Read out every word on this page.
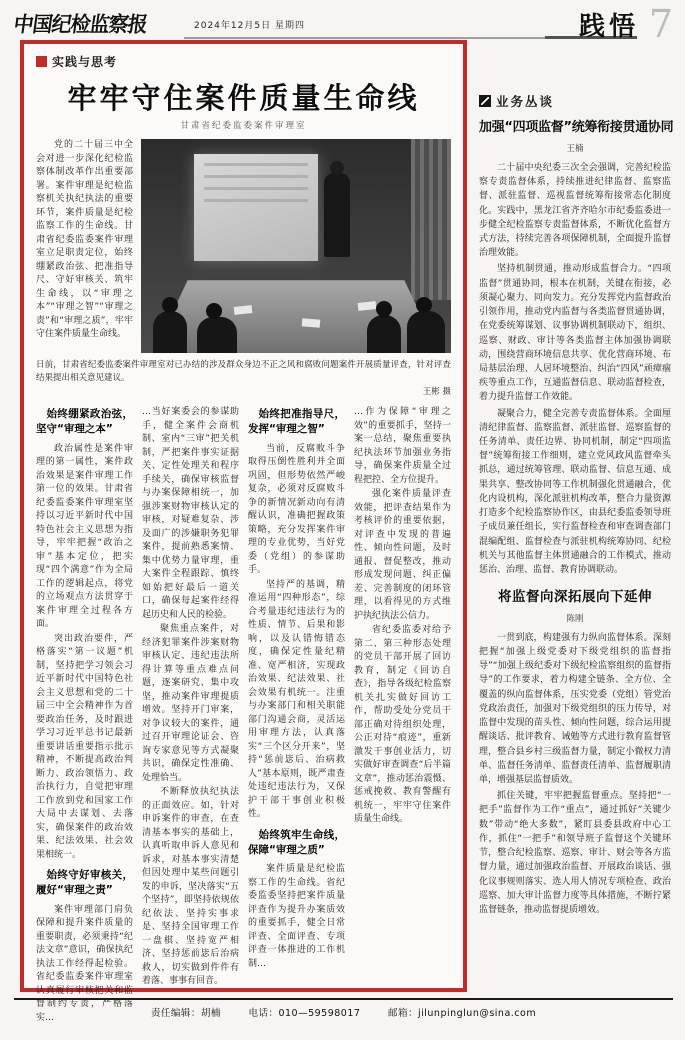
中国纪检监察报	2024年12月5日 星期四	践悟 7
实践与思考
牢牢守住案件质量生命线
甘肃省纪委监委案件审理室

党的二十届三中全会对进一步深化纪检监察体制改革作出重要部署。案件审理是纪检监察机关执纪执法的重要环节，案件质量是纪检监察工作的生命线。甘肃省纪委监委案件审理室立足职责定位，始终绷紧政治弦、把准指导尺、守好审核关、筑牢生命线，以“审理之本”“审理之智”“审理之责”和“审理之质”，牢牢守住案件质量生命线。

日前，甘肃省纪委监委案件审理室对已办结的涉及群众身边不正之风和腐败问题案件开展质量评查，针对评查结果提出相关意见建议。
王彬 摄
始终绷紧政治弦，坚守“审理之本”

政治属性是案件审理的第一属性，案件政治效果是案件审理工作第一位的效果。甘肃省纪委监委案件审理室坚持以习近平新时代中国特色社会主义思想为指导，牢牢把握“政治之审”基本定位，把实现“四个满意”作为全局工作的逻辑起点，将党的立场观点方法贯穿于案件审理全过程各方面。

突出政治要件，严格落实“第一议题”机制，坚持把学习领会习近平新时代中国特色社会主义思想和党的二十届三中全会精神作为首要政治任务，及时跟进学习习近平总书记最新重要讲话重要指示批示精神，不断提高政治判断力、政治领悟力、政治执行力，自觉把审理工作放到党和国家工作大局中去谋划、去落实，确保案件的政治效果、纪法效果、社会效果相统一。

始终守好审核关，履好“审理之责”

案件审理部门肩负保障和提升案件质量的重要职责，必须秉持“纪法文章”意识，确保执纪执法工作经得起检验。省纪委监委案件审理室认真履行审核把关和监督制约专责，严格落实…

…当好案委会的参谋助手，健全案件会商机制、室内“三审”把关机制，严把案件事实证据关、定性处理关和程序手续关，确保审核监督与办案保障相统一，加强涉案财物审核认定的审核，对疑难复杂、涉及面广的涉嫌职务犯罪案件，提前熟悉案情、集中优势力量审理，重大案件全程跟踪、慎终如始把好最后一道关口，确保每起案件经得起历史和人民的检验。

聚焦重点案件，对经济犯罪案件涉案财物审核认定、违纪违法所得计算等重点难点问题，逐案研究、集中攻坚，推动案件审理提质增效。坚持开门审案，对争议较大的案件，通过召开审理论证会、咨询专家意见等方式凝聚共识，确保定性准确、处理恰当。

不断释放执纪执法的正面效应。如，针对申诉案件的审查，在查清基本事实的基础上，认真听取申诉人意见和诉求，对基本事实清楚但因处理中某些问题引发的申诉，坚决落实“五个坚持”，即坚持依规依纪依法、坚持实事求是、坚持全国审理工作一盘棋、坚持宽严相济、坚持惩前毖后治病救人，切实做到件件有着落、事事有回音。

始终把准指导尺，发挥“审理之智”

当前，反腐败斗争取得压倒性胜利并全面巩固，但形势依然严峻复杂，必须对反腐败斗争的新情况新动向有清醒认识，准确把握政策策略，充分发挥案件审理的专业优势，当好党委（党组）的参谋助手。

坚持严的基调，精准运用“四种形态”，综合考量违纪违法行为的性质、情节、后果和影响，以及认错悔错态度，确保定性量纪精准、宽严相济，实现政治效果、纪法效果、社会效果有机统一。注重与办案部门和相关职能部门沟通会商，灵活运用审理方法，认真落实“三个区分开来”，坚持“惩前毖后、治病救人”基本原则，既严肃查处违纪违法行为，又保护干部干事创业积极性。

始终筑牢生命线，保障“审理之质”

案件质量是纪检监察工作的生命线。省纪委监委坚持把案件质量评查作为提升办案质效的重要抓手，健全日常评查、全面评查、专项评查一体推进的工作机制…

…作为保障“审理之效”的重要抓手，坚持一案一总结，聚焦重要执纪执法环节加强业务指导，确保案件质量全过程把控、全方位提升。

强化案件质量评查效能，把评查结果作为考核评价的重要依据，对评查中发现的普遍性、倾向性问题，及时通报、督促整改，推动形成发现问题、纠正偏差、完善制度的闭环管理，以看得见的方式维护执纪执法公信力。

省纪委监委对给予第二、第三种形态处理的党员干部开展了回访教育，制定《回访自查》，指导各级纪检监察机关扎实做好回访工作，帮助受处分党员干部正确对待组织处理，公正对待“痕迹”，重新激发干事创业活力，切实做好审查调查“后半篇文章”，推动惩治震慑、惩戒挽救、教育警醒有机统一，牢牢守住案件质量生命线。

业务丛谈
加强“四项监督”统筹衔接贯通协同
王楠

二十届中央纪委三次全会强调，完善纪检监察专责监督体系，持续推进纪律监督、监察监督、派驻监督、巡视监督统筹衔接常态化制度化。实践中，黑龙江省齐齐哈尔市纪委监委进一步健全纪检监察专责监督体系，不断优化监督方式方法，持续完善各项保障机制，全面提升监督治理效能。

坚持机制贯通，推动形成监督合力。“四项监督”贯通协同，根本在机制，关键在衔接，必须凝心聚力、同向发力。充分发挥党内监督政治引领作用，推动党内监督与各类监督贯通协调，在党委统筹谋划、议事协调机制联动下，组织、巡察、财政、审计等各类监督主体加强协调联动，围绕营商环境信息共享、优化营商环境、布局基层治理、人居环境整治、纠治“四风”顽瘴痼疾等重点工作，互通监督信息、联动监督检查，着力提升监督工作效能。

凝聚合力，健全完善专责监督体系。全面厘清纪律监督、监察监督、派驻监督、巡察监督的任务清单、责任边界、协同机制，制定“四项监督”统筹衔接工作细则，建立党风政风监督牵头抓总，通过统筹管理、联动监督、信息互通、成果共享、整改协同等工作机制强化贯通融合，优化内设机构，深化派驻机构改革，整合力量资源打造多个纪检监察协作区，由县纪委监委领导班子成员兼任组长，实行监督检查和审查调查部门混编配组、监督检查与派驻机构统筹协同、纪检机关与其他监督主体贯通融合的工作模式，推动惩治、治理、监督、教育协调联动。

将监督向深拓展向下延伸
陈刚

一贯到底，构建强有力纵向监督体系。深刻把握“加强上级党委对下级党组织的监督指导”“加强上级纪委对下级纪检监察组织的监督指导”的工作要求，着力构建全链条、全方位、全覆盖的纵向监督体系，压实党委（党组）管党治党政治责任，加强对下级党组织的压力传导，对监督中发现的苗头性、倾向性问题，综合运用提醒谈话、批评教育、诫勉等方式进行教育监督管理，整合县乡村三级监督力量，制定小微权力清单、监督任务清单、监督责任清单、监督履职清单，增强基层监督质效。

抓住关键，牢牢把握监督重点。坚持把“一把手”监督作为工作“重点”，通过抓好“关键少数”带动“绝大多数”，紧盯县委县政府中心工作，抓住“一把手”和领导班子监督这个关键环节，整合纪检监察、巡察、审计、财会等各方监督力量，通过加强政治监督、开展政治谈话、强化议事规则落实、选人用人情况专项检查、政治巡察、加大审计监督力度等具体措施，不断拧紧监督链条，推动监督提质增效。

责任编辑：胡楠	电话：010—59598017	邮箱：jilunpinglun@sina.com
